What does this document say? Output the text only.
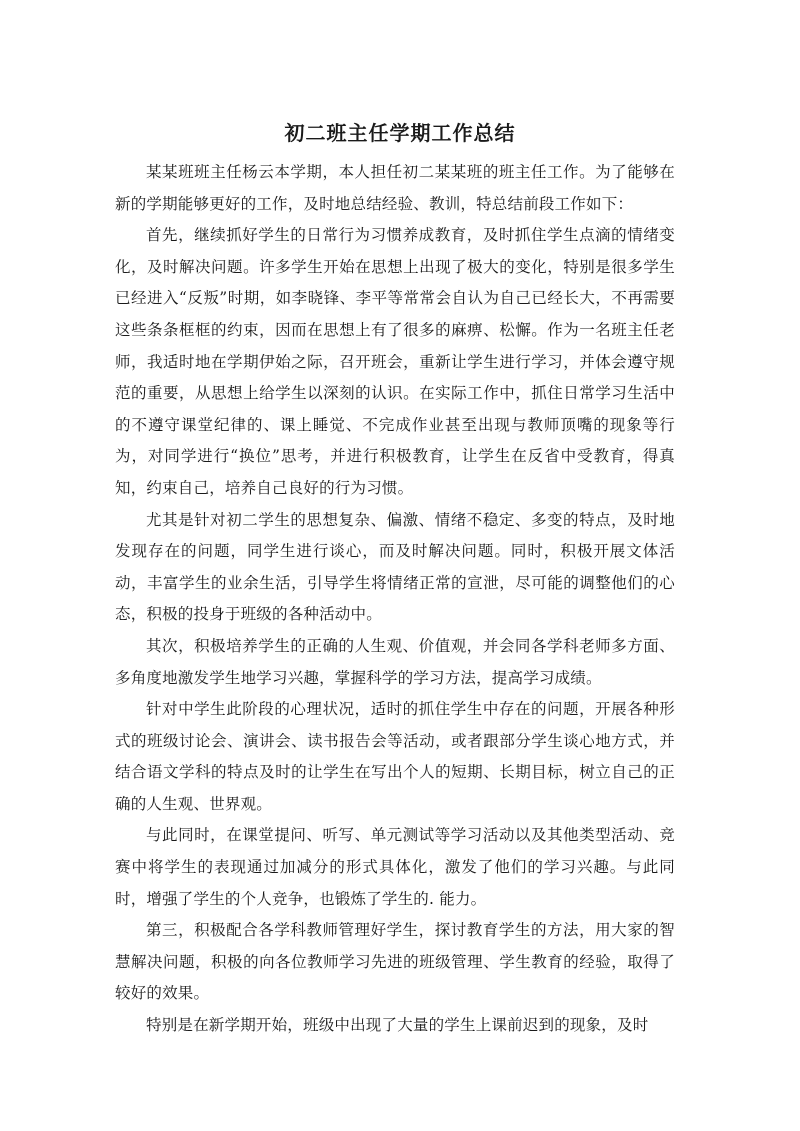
初二班主任学期工作总结

某某班班主任杨云本学期，本人担任初二某某班的班主任工作。为了能够在新的学期能够更好的工作，及时地总结经验、教训，特总结前段工作如下：

首先，继续抓好学生的日常行为习惯养成教育，及时抓住学生点滴的情绪变化，及时解决问题。许多学生开始在思想上出现了极大的变化，特别是很多学生已经进入“反叛”时期，如李晓锋、李平等常常会自认为自己已经长大，不再需要这些条条框框的约束，因而在思想上有了很多的麻痹、松懈。作为一名班主任老师，我适时地在学期伊始之际，召开班会，重新让学生进行学习，并体会遵守规范的重要，从思想上给学生以深刻的认识。在实际工作中，抓住日常学习生活中的不遵守课堂纪律的、课上睡觉、不完成作业甚至出现与教师顶嘴的现象等行为，对同学进行“换位”思考，并进行积极教育，让学生在反省中受教育，得真知，约束自己，培养自己良好的行为习惯。

尤其是针对初二学生的思想复杂、偏激、情绪不稳定、多变的特点，及时地发现存在的问题，同学生进行谈心，而及时解决问题。同时，积极开展文体活动，丰富学生的业余生活，引导学生将情绪正常的宣泄，尽可能的调整他们的心态，积极的投身于班级的各种活动中。

其次，积极培养学生的正确的人生观、价值观，并会同各学科老师多方面、多角度地激发学生地学习兴趣，掌握科学的学习方法，提高学习成绩。

针对中学生此阶段的心理状况，适时的抓住学生中存在的问题，开展各种形式的班级讨论会、演讲会、读书报告会等活动，或者跟部分学生谈心地方式，并结合语文学科的特点及时的让学生在写出个人的短期、长期目标，树立自己的正确的人生观、世界观。

与此同时，在课堂提问、听写、单元测试等学习活动以及其他类型活动、竞赛中将学生的表现通过加减分的形式具体化，激发了他们的学习兴趣。与此同时，增强了学生的个人竞争，也锻炼了学生的. 能力。

第三，积极配合各学科教师管理好学生，探讨教育学生的方法，用大家的智慧解决问题，积极的向各位教师学习先进的班级管理、学生教育的经验，取得了较好的效果。

特别是在新学期开始，班级中出现了大量的学生上课前迟到的现象，及时
